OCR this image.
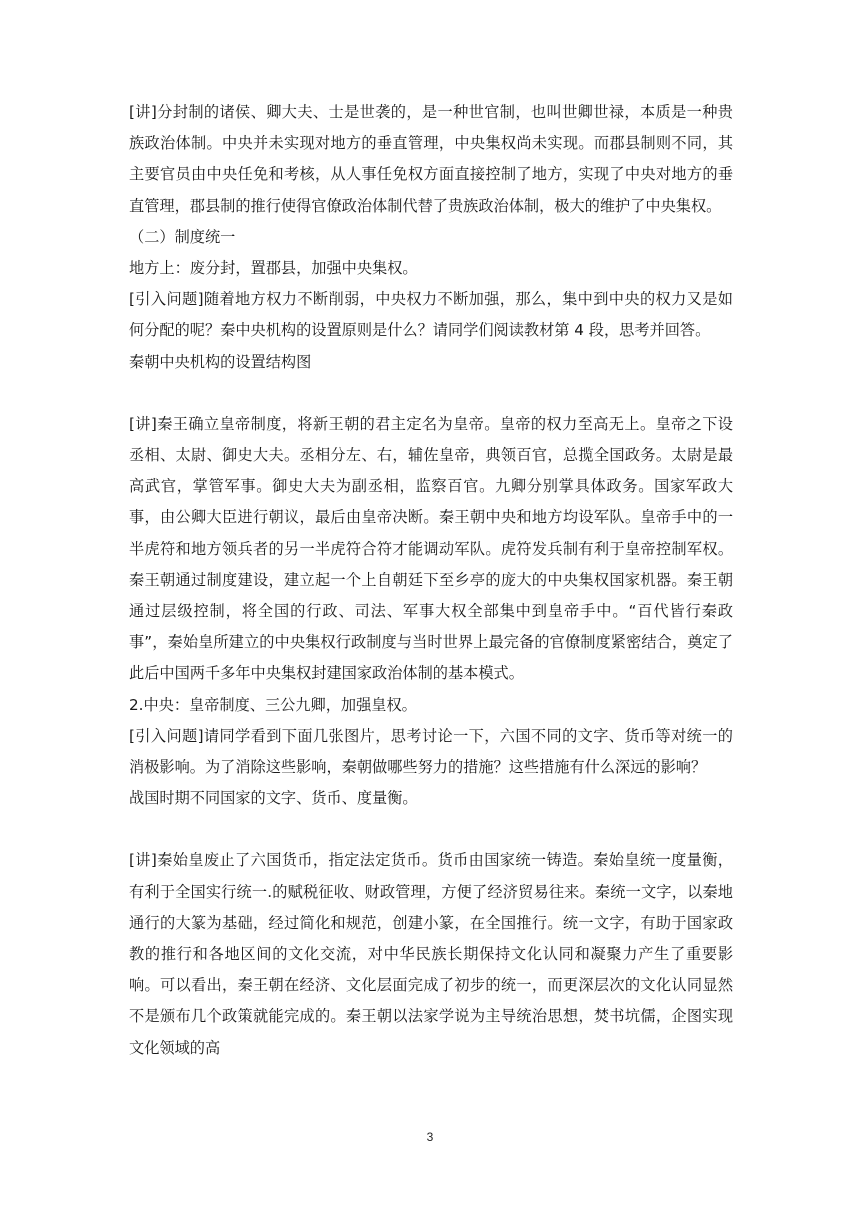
[讲]分封制的诸侯、卿大夫、士是世袭的，是一种世官制，也叫世卿世禄，本质是一种贵族政治体制。中央并未实现对地方的垂直管理，中央集权尚未实现。而郡县制则不同，其主要官员由中央任免和考核，从人事任免权方面直接控制了地方，实现了中央对地方的垂直管理，郡县制的推行使得官僚政治体制代替了贵族政治体制，极大的维护了中央集权。

（二）制度统一

地方上：废分封，置郡县，加强中央集权。

[引入问题]随着地方权力不断削弱，中央权力不断加强，那么，集中到中央的权力又是如何分配的呢？秦中央机构的设置原则是什么？请同学们阅读教材第 4 段，思考并回答。

秦朝中央机构的设置结构图

[讲]秦王确立皇帝制度，将新王朝的君主定名为皇帝。皇帝的权力至高无上。皇帝之下设丞相、太尉、御史大夫。丞相分左、右，辅佐皇帝，典领百官，总揽全国政务。太尉是最高武官，掌管军事。御史大夫为副丞相，监察百官。九卿分别掌具体政务。国家军政大事，由公卿大臣进行朝议，最后由皇帝决断。秦王朝中央和地方均设军队。皇帝手中的一半虎符和地方领兵者的另一半虎符合符才能调动军队。虎符发兵制有利于皇帝控制军权。秦王朝通过制度建设，建立起一个上自朝廷下至乡亭的庞大的中央集权国家机器。秦王朝通过层级控制，将全国的行政、司法、军事大权全部集中到皇帝手中。“百代皆行秦政事”，秦始皇所建立的中央集权行政制度与当时世界上最完备的官僚制度紧密结合，奠定了此后中国两千多年中央集权封建国家政治体制的基本模式。

2.中央：皇帝制度、三公九卿，加强皇权。

[引入问题]请同学看到下面几张图片，思考讨论一下，六国不同的文字、货币等对统一的消极影响。为了消除这些影响，秦朝做哪些努力的措施？这些措施有什么深远的影响？

战国时期不同国家的文字、货币、度量衡。

[讲]秦始皇废止了六国货币，指定法定货币。货币由国家统一铸造。秦始皇统一度量衡，有利于全国实行统一.的赋税征收、财政管理，方便了经济贸易往来。秦统一文字，以秦地通行的大篆为基础，经过简化和规范，创建小篆，在全国推行。统一文字，有助于国家政教的推行和各地区间的文化交流，对中华民族长期保持文化认同和凝聚力产生了重要影响。可以看出，秦王朝在经济、文化层面完成了初步的统一，而更深层次的文化认同显然不是颁布几个政策就能完成的。秦王朝以法家学说为主导统治思想，焚书坑儒，企图实现文化领域的高

3
